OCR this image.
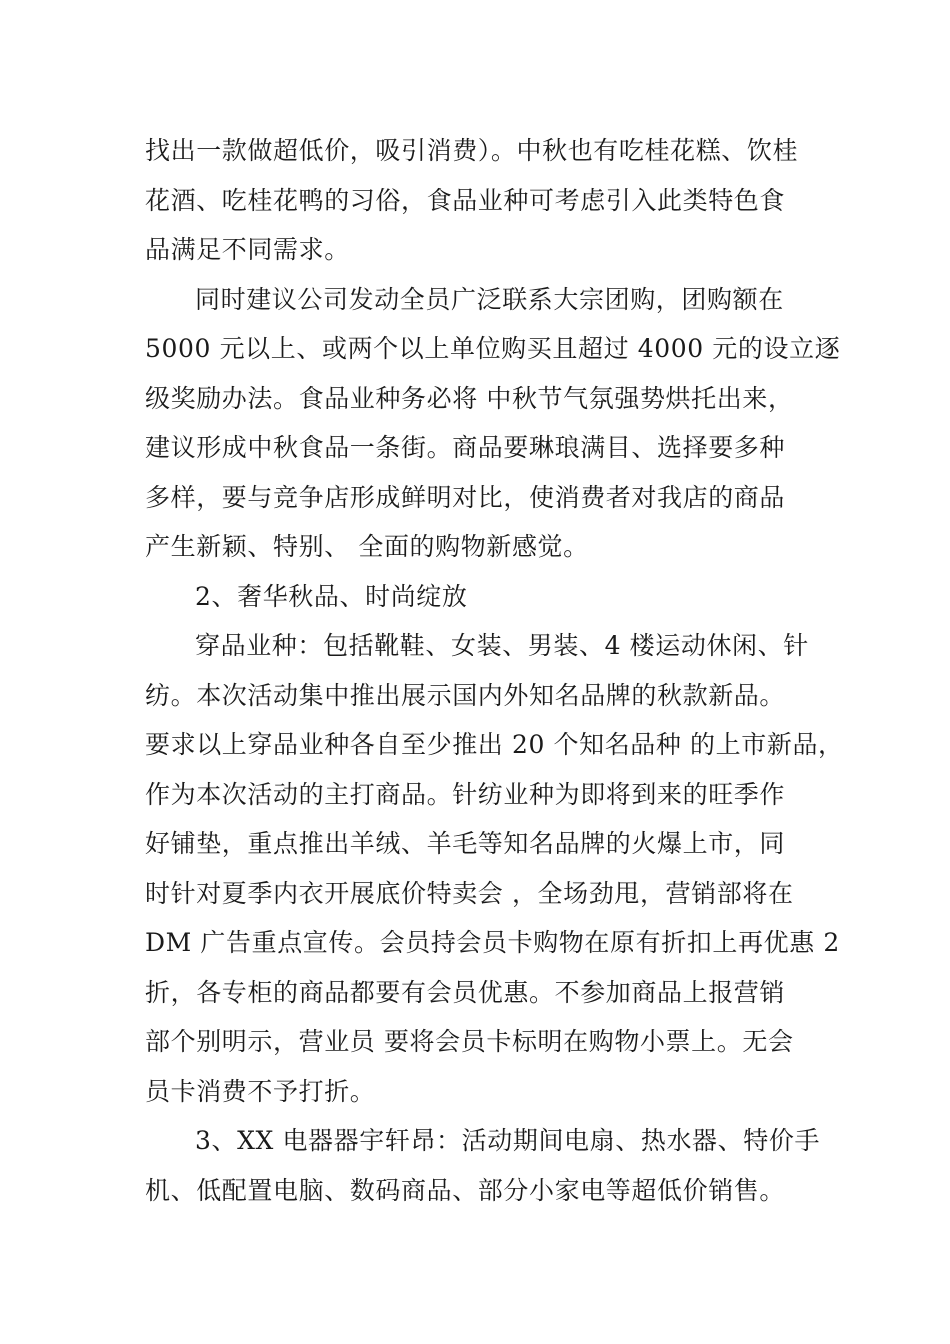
找出一款做超低价，吸引消费）。中秋也有吃桂花糕、饮桂
花酒、吃桂花鸭的习俗，食品业种可考虑引入此类特色食
品满足不同需求。
同时建议公司发动全员广泛联系大宗团购，团购额在
5000 元以上、或两个以上单位购买且超过 4000 元的设立逐
级奖励办法。食品业种务必将 中秋节气氛强势烘托出来，
建议形成中秋食品一条街。商品要琳琅满目、选择要多种
多样，要与竞争店形成鲜明对比，使消费者对我店的商品
产生新颖、特别、 全面的购物新感觉。
2、奢华秋品、时尚绽放
穿品业种：包括靴鞋、女装、男装、4 楼运动休闲、针
纺。本次活动集中推出展示国内外知名品牌的秋款新品。
要求以上穿品业种各自至少推出 20 个知名品种 的上市新品，
作为本次活动的主打商品。针纺业种为即将到来的旺季作
好铺垫，重点推出羊绒、羊毛等知名品牌的火爆上市，同
时针对夏季内衣开展底价特卖会 ，全场劲甩，营销部将在
DM 广告重点宣传。会员持会员卡购物在原有折扣上再优惠 2
折，各专柜的商品都要有会员优惠。不参加商品上报营销
部个别明示，营业员 要将会员卡标明在购物小票上。无会
员卡消费不予打折。
3、XX 电器器宇轩昂：活动期间电扇、热水器、特价手
机、低配置电脑、数码商品、部分小家电等超低价销售。
